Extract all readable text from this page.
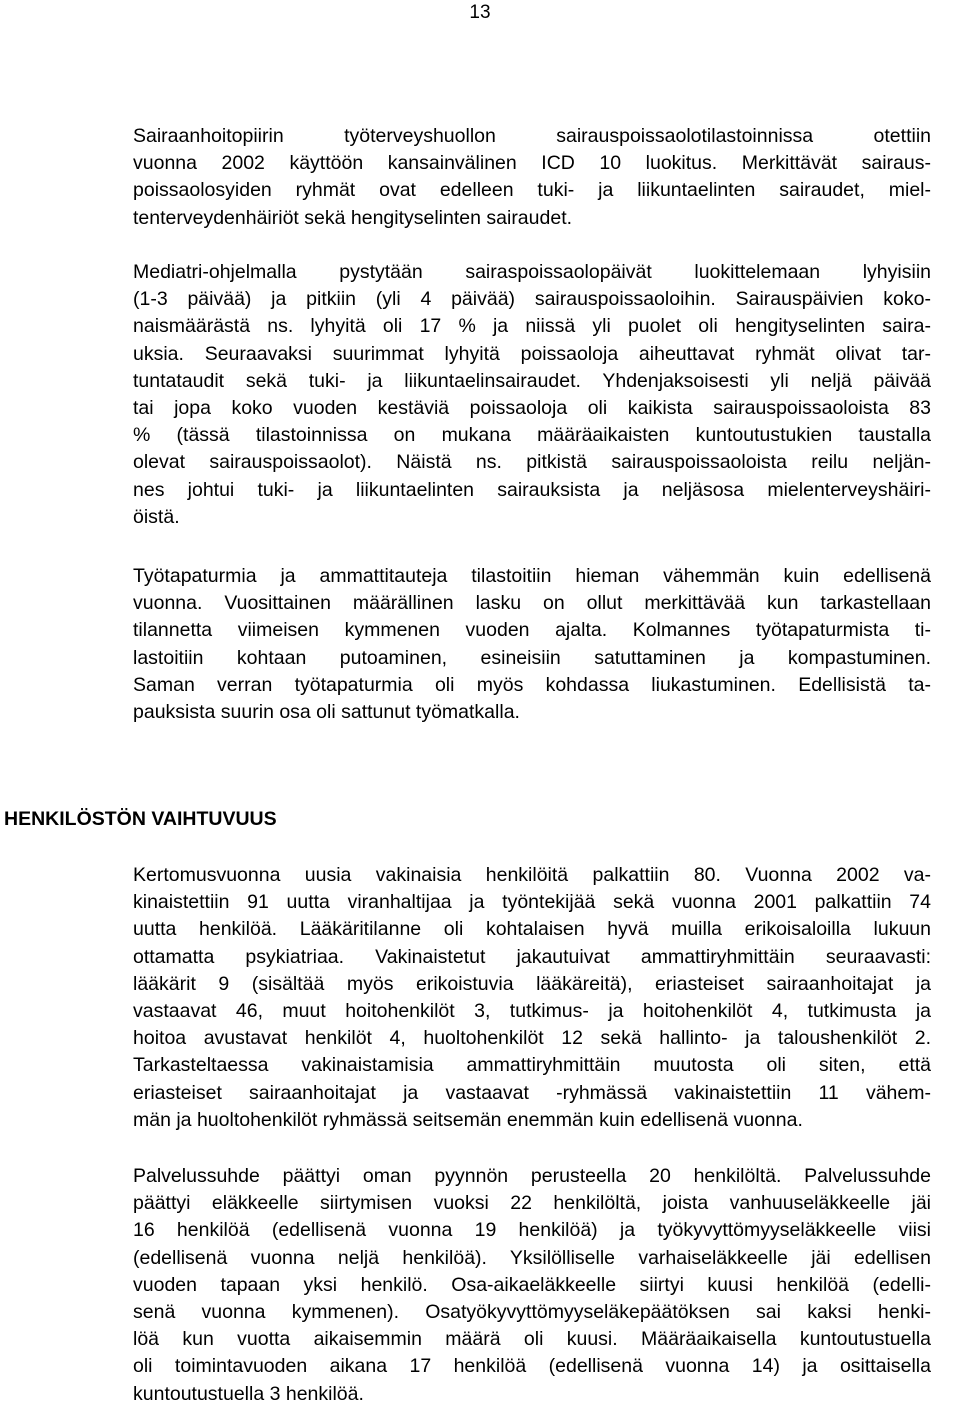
13
Sairaanhoitopiirin työterveyshuollon sairauspoissaolotilastoinnissa otettiin
vuonna 2002 käyttöön kansainvälinen ICD 10 luokitus. Merkittävät sairaus-
poissaolosyiden ryhmät ovat edelleen tuki- ja liikuntaelinten sairaudet, miel-
tenterveydenhäiriöt sekä hengityselinten sairaudet.
Mediatri-ohjelmalla pystytään sairaspoissaolopäivät luokittelemaan lyhyisiin
(1-3 päivää) ja pitkiin (yli 4 päivää) sairauspoissaoloihin. Sairauspäivien koko-
naismäärästä ns. lyhyitä oli 17 % ja niissä yli puolet oli hengityselinten saira-
uksia. Seuraavaksi suurimmat lyhyitä poissaoloja aiheuttavat ryhmät olivat tar-
tuntataudit sekä tuki- ja liikuntaelinsairaudet. Yhdenjaksoisesti yli neljä päivää
tai jopa koko vuoden kestäviä poissaoloja oli kaikista sairauspoissaoloista 83
% (tässä tilastoinnissa on mukana määräaikaisten kuntoutustukien taustalla
olevat sairauspoissaolot). Näistä ns. pitkistä sairauspoissaoloista reilu neljän-
nes johtui tuki- ja liikuntaelinten sairauksista ja neljäsosa mielenterveyshäiri-
öistä.
Työtapaturmia ja ammattitauteja tilastoitiin hieman vähemmän kuin edellisenä
vuonna. Vuosittainen määrällinen lasku on ollut merkittävää kun tarkastellaan
tilannetta viimeisen kymmenen vuoden ajalta. Kolmannes työtapaturmista ti-
lastoitiin kohtaan putoaminen, esineisiin satuttaminen ja kompastuminen.
Saman verran työtapaturmia oli myös kohdassa liukastuminen. Edellisistä ta-
pauksista suurin osa oli sattunut työmatkalla.
HENKILÖSTÖN VAIHTUVUUS
Kertomusvuonna uusia vakinaisia henkilöitä palkattiin 80. Vuonna 2002 va-
kinaistettiin 91 uutta viranhaltijaa ja työntekijää sekä vuonna 2001 palkattiin 74
uutta henkilöä. Lääkäritilanne oli kohtalaisen hyvä muilla erikoisaloilla lukuun
ottamatta psykiatriaa. Vakinaistetut jakautuivat ammattiryhmittäin seuraavasti:
lääkärit 9 (sisältää myös erikoistuvia lääkäreitä), eriasteiset sairaanhoitajat ja
vastaavat 46, muut hoitohenkilöt 3, tutkimus- ja hoitohenkilöt 4, tutkimusta ja
hoitoa avustavat henkilöt 4, huoltohenkilöt 12 sekä hallinto- ja taloushenkilöt 2.
Tarkasteltaessa vakinaistamisia ammattiryhmittäin muutosta oli siten, että
eriasteiset sairaanhoitajat ja vastaavat -ryhmässä vakinaistettiin 11 vähem-
män ja huoltohenkilöt ryhmässä seitsemän enemmän kuin edellisenä vuonna.
Palvelussuhde päättyi oman pyynnön perusteella 20 henkilöltä. Palvelussuhde
päättyi eläkkeelle siirtymisen vuoksi 22 henkilöltä, joista vanhuuseläkkeelle jäi
16 henkilöä (edellisenä vuonna 19 henkilöä) ja työkyvyttömyyseläkkeelle viisi
(edellisenä vuonna neljä henkilöä). Yksilölliselle varhaiseläkkeelle jäi edellisen
vuoden tapaan yksi henkilö. Osa-aikaeläkkeelle siirtyi kuusi henkilöä (edelli-
senä vuonna kymmenen). Osatyökyvyttömyyseläkepäätöksen sai kaksi henki-
löä kun vuotta aikaisemmin määrä oli kuusi. Määräaikaisella kuntoutustuella
oli toimintavuoden aikana 17 henkilöä (edellisenä vuonna 14) ja osittaisella
kuntoutustuella 3 henkilöä.
